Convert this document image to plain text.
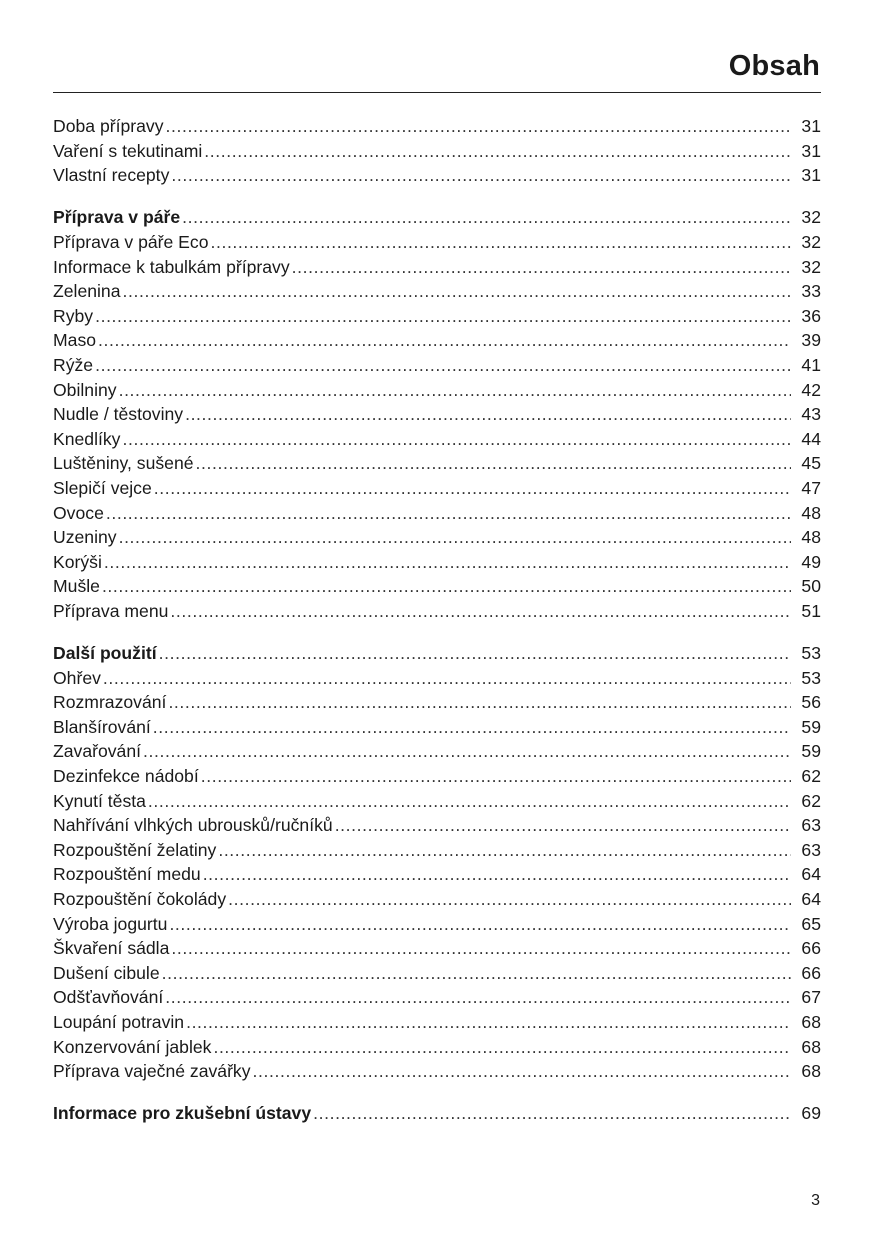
Obsah
Doba přípravy .....	31
Vaření s tekutinami .....	31
Vlastní recepty .....	31
Příprava v páře .....	32
Příprava v páře Eco .....	32
Informace k tabulkám přípravy .....	32
Zelenina .....	33
Ryby .....	36
Maso .....	39
Rýže .....	41
Obilniny .....	42
Nudle / těstoviny .....	43
Knedlíky .....	44
Luštěniny, sušené .....	45
Slepičí vejce .....	47
Ovoce .....	48
Uzeniny .....	48
Korýši .....	49
Mušle .....	50
Příprava menu .....	51
Další použití .....	53
Ohřev .....	53
Rozmrazování .....	56
Blanšírování .....	59
Zavařování .....	59
Dezinfekce nádobí .....	62
Kynutí těsta .....	62
Nahřívání vlhkých ubrousků/ručníků .....	63
Rozpouštění želatiny .....	63
Rozpouštění medu .....	64
Rozpouštění čokolády .....	64
Výroba jogurtu .....	65
Škvaření sádla .....	66
Dušení cibule .....	66
Odšťavňování .....	67
Loupání potravin .....	68
Konzervování jablek .....	68
Příprava vaječné zavářky .....	68
Informace pro zkušební ústavy .....	69
3
